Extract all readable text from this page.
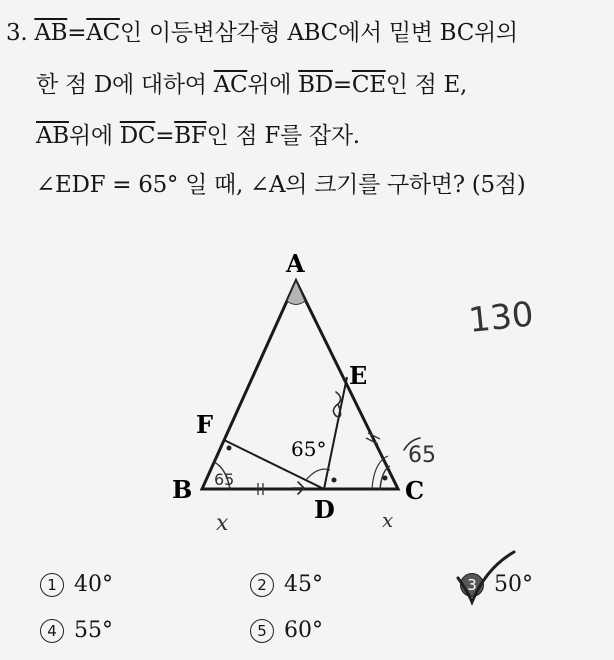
3. $\overline{AB}=\overline{AC}$인 이등변삼각형 ABC에서 밑변 BC위의
한 점 D에 대하여 $\overline{AC}$위에 $\overline{BD}=\overline{CE}$인 점 E,
$\overline{AB}$위에 $\overline{DC}=\overline{BF}$인 점 F를 잡자.
∠EDF = 65° 일 때, ∠A의 크기를 구하면? (5점)
A
B	C
D
E
F
65°
130
65
65
x	x
1 40°	2 45°	3 50°
4 55°	5 60°
